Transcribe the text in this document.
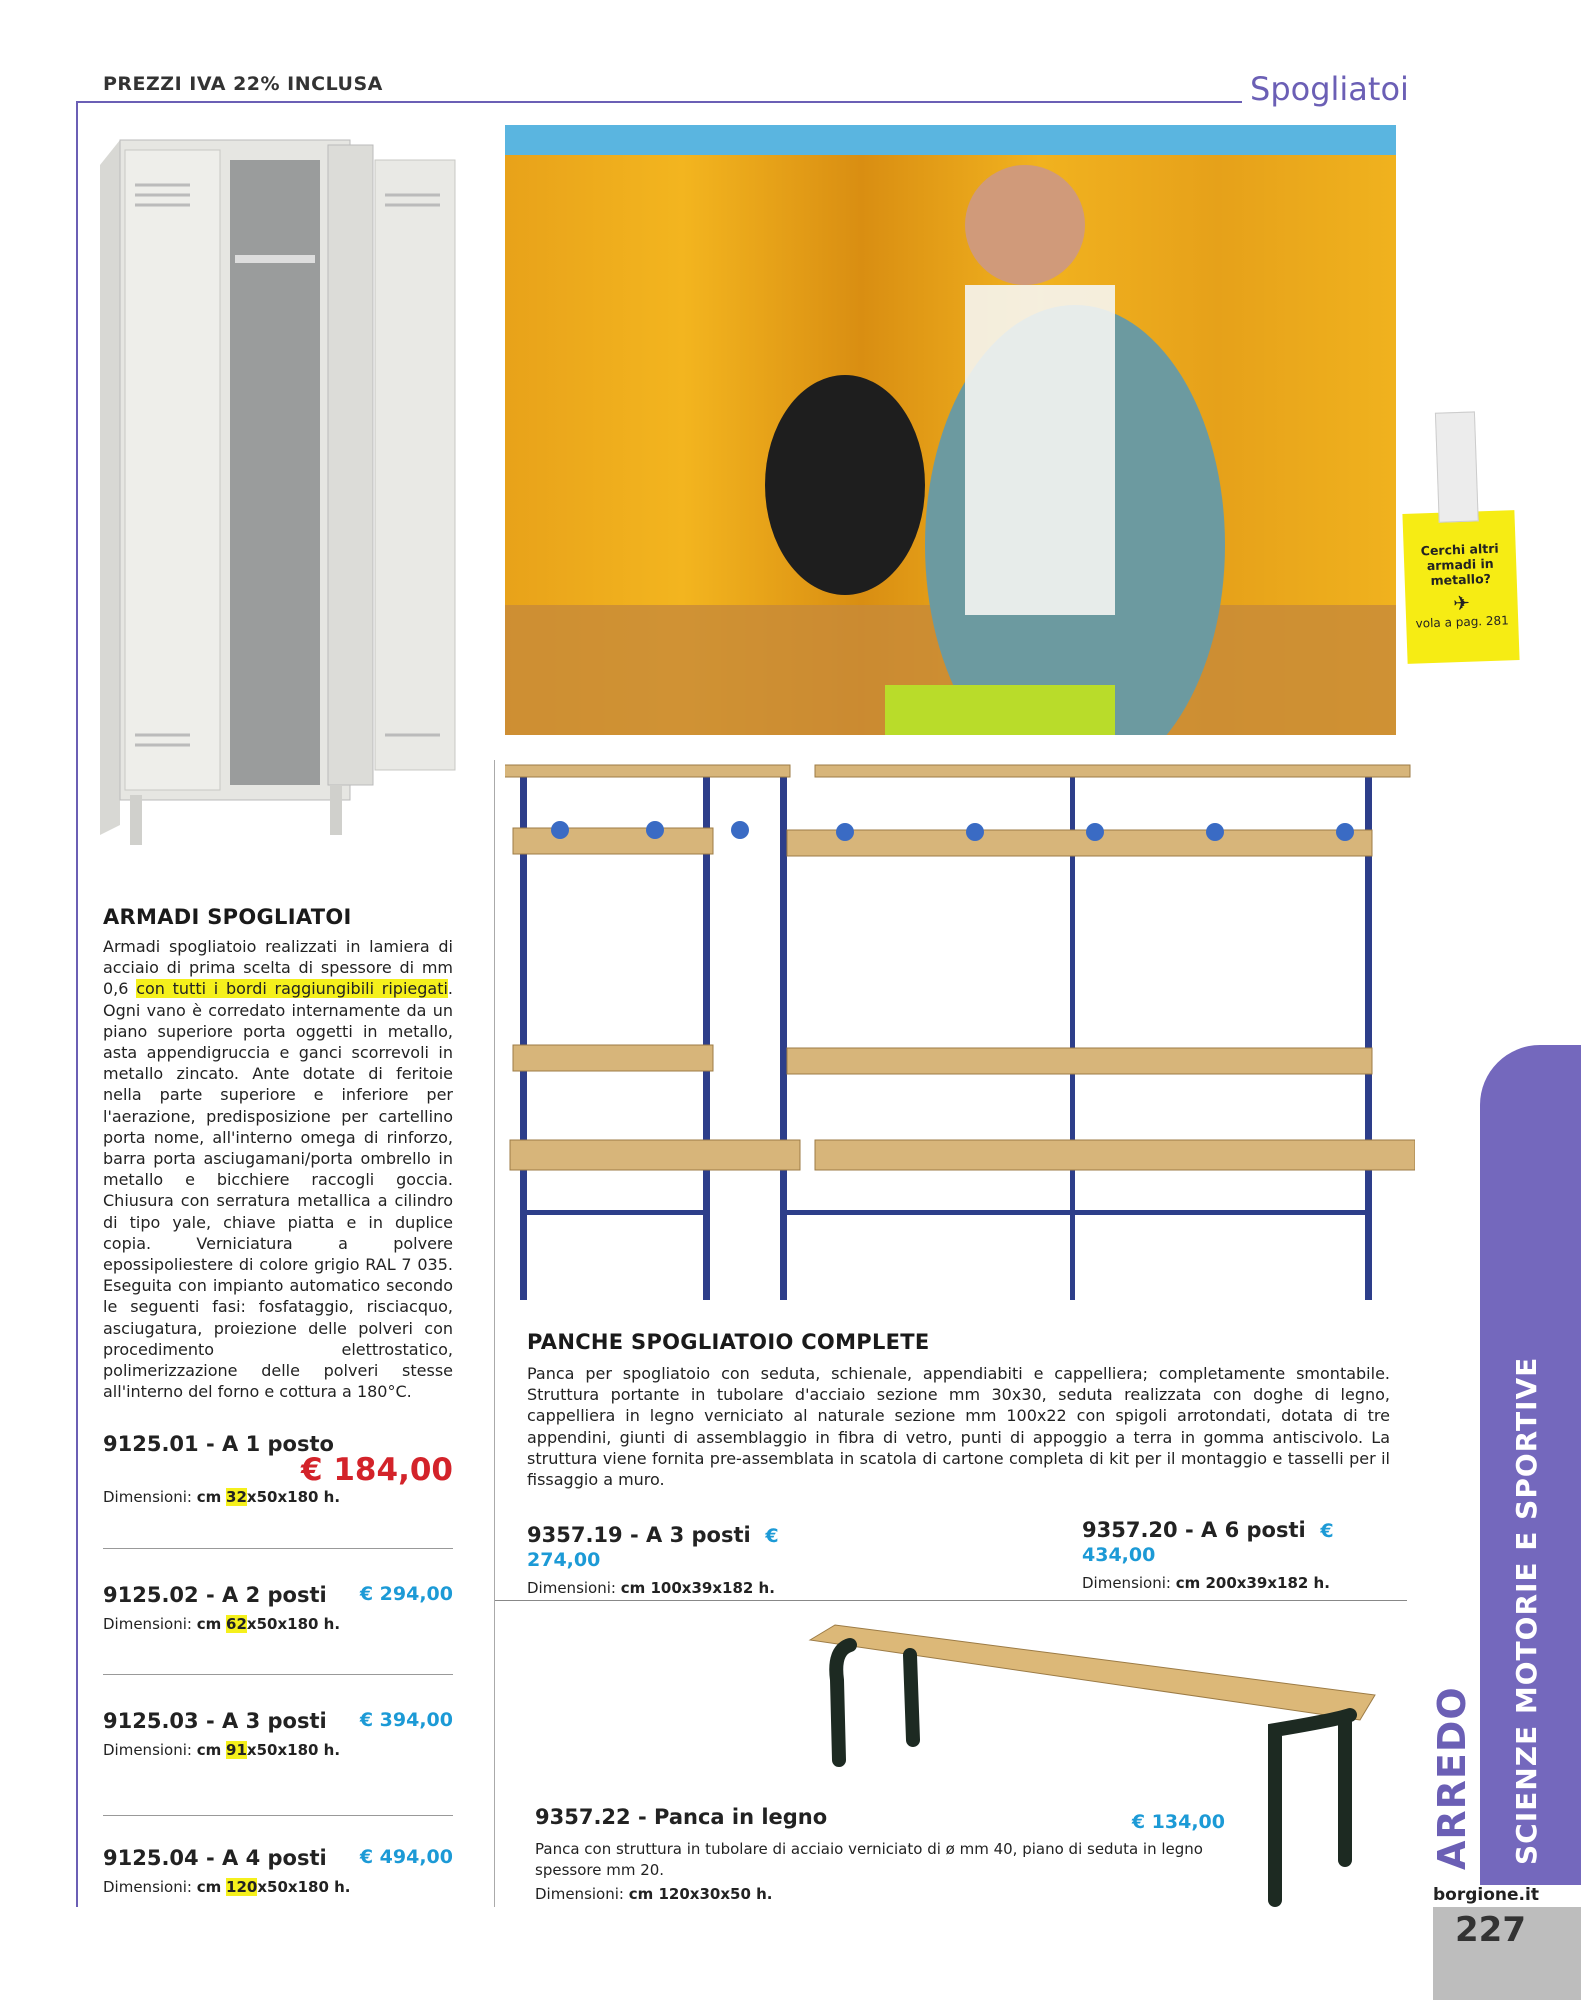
PREZZI IVA 22% INCLUSA	Spogliatoi
Cerchi altri armadi in metallo?
✈
vola a pag. 281
ARMADI SPOGLIATOI
Armadi spogliatoio realizzati in lamiera di acciaio di prima scelta di spessore di mm 0,6 con tutti i bordi raggiungibili ripiegati. Ogni vano è corredato internamente da un piano superiore porta oggetti in metallo, asta appendigruccia e ganci scorrevoli in metallo zincato. Ante dotate di feritoie nella parte superiore e inferiore per l'aerazione, predisposizione per cartellino porta nome, all'interno omega di rinforzo, barra porta asciugamani/porta ombrello in metallo e bicchiere raccogli goccia. Chiusura con serratura metallica a cilindro di tipo yale, chiave piatta e in duplice copia. Verniciatura a polvere epossipoliestere di colore grigio RAL 7 035. Eseguita con impianto automatico secondo le seguenti fasi: fosfataggio, risciacquo, asciugatura, proiezione delle polveri con procedimento elettrostatico, polimerizzazione delle polveri stesse all'interno del forno e cottura a 180°C.
9125.01 - A 1 posto
€ 184,00
Dimensioni: cm 32x50x180 h.
9125.02 - A 2 posti € 294,00
Dimensioni: cm 62x50x180 h.
9125.03 - A 3 posti € 394,00
Dimensioni: cm 91x50x180 h.
9125.04 - A 4 posti € 494,00
Dimensioni: cm 120x50x180 h.
PANCHE SPOGLIATOIO COMPLETE
Panca per spogliatoio con seduta, schienale, appendiabiti e cappelliera; completamente smontabile. Struttura portante in tubolare d'acciaio sezione mm 30x30, seduta realizzata con doghe di legno, cappelliera in legno verniciato al naturale sezione mm 100x22 con spigoli arrotondati, dotata di tre appendini, giunti di assemblaggio in fibra di vetro, punti di appoggio a terra in gomma antiscivolo. La struttura viene fornita pre-assemblata in scatola di cartone completa di kit per il montaggio e tasselli per il fissaggio a muro.
9357.19 - A 3 posti € 274,00
Dimensioni: cm 100x39x182 h.
9357.20 - A 6 posti € 434,00
Dimensioni: cm 200x39x182 h.
9357.22 - Panca in legno	€ 134,00
Panca con struttura in tubolare di acciaio verniciato di ø mm 40, piano di seduta in legno spessore mm 20.
Dimensioni: cm 120x30x50 h.
SCIENZE MOTORIE E SPORTIVE
ARREDO
borgione.it
227
